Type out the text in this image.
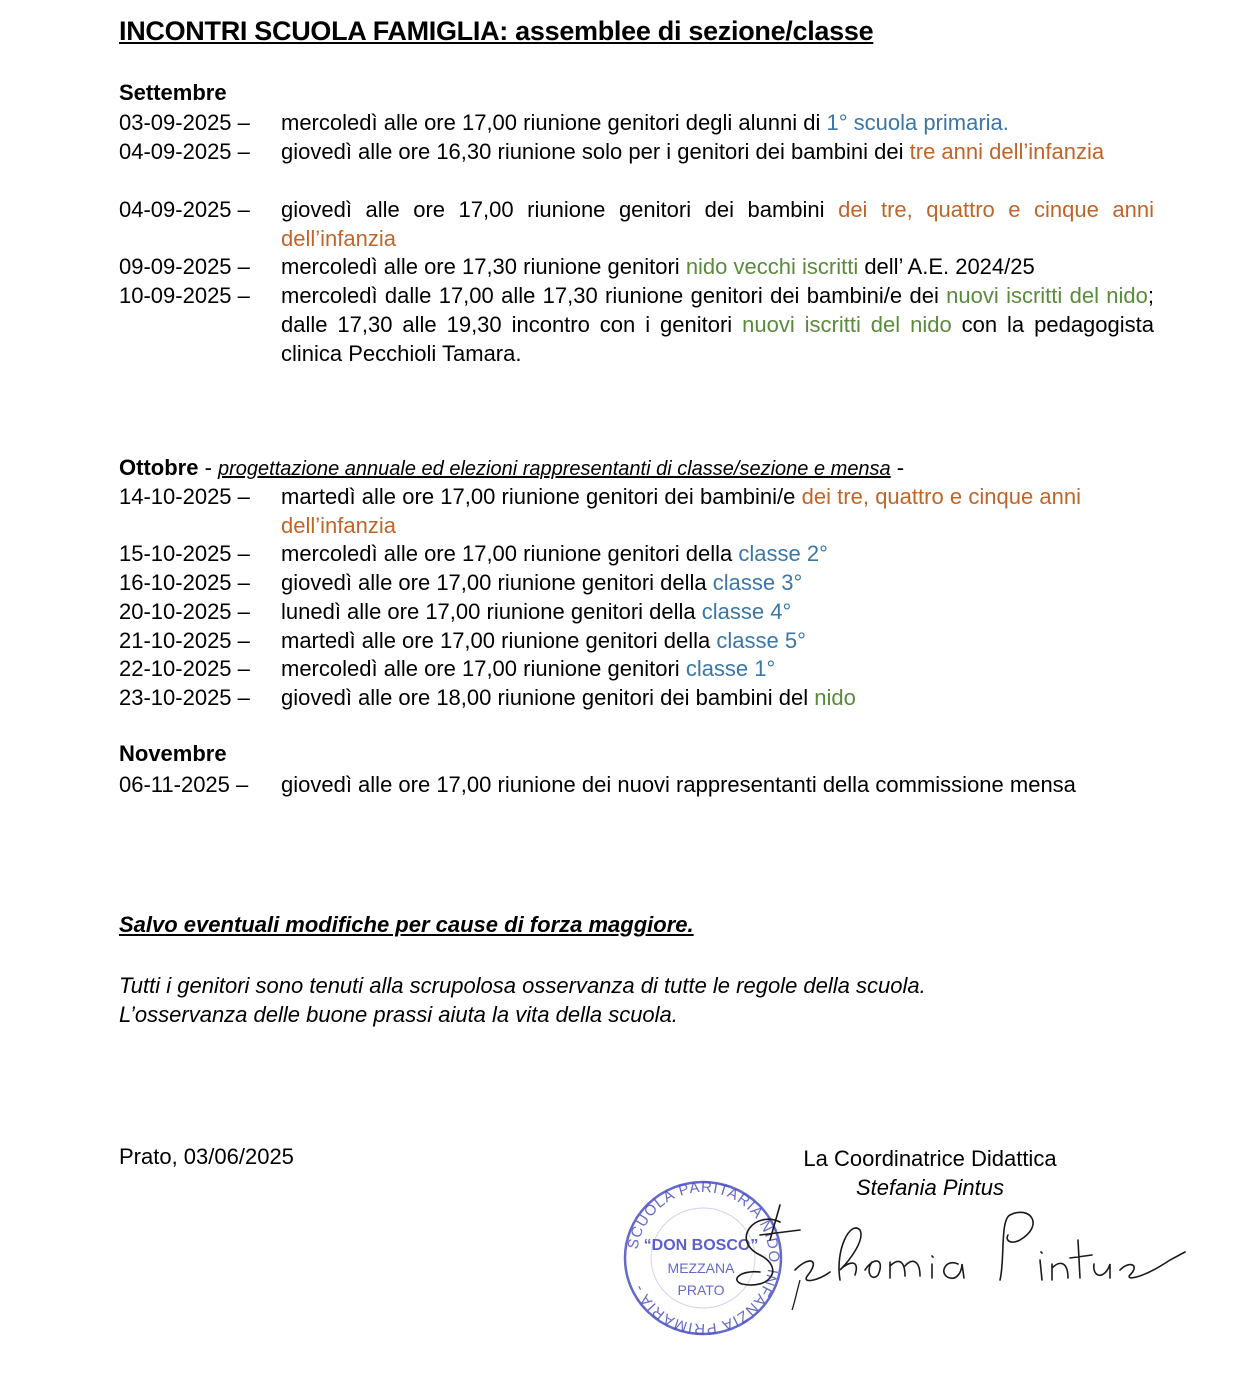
INCONTRI SCUOLA FAMIGLIA: assemblee di sezione/classe
Settembre
03-09-2025 – mercoledì alle ore 17,00 riunione genitori degli alunni di 1° scuola primaria.
04-09-2025 – giovedì alle ore 16,30 riunione solo per i genitori dei bambini dei tre anni dell’infanzia
04-09-2025 – giovedì alle ore 17,00 riunione genitori dei bambini dei tre, quattro e cinque anni dell’infanzia
09-09-2025 – mercoledì alle ore 17,30 riunione genitori nido vecchi iscritti dell’ A.E. 2024/25
10-09-2025 – mercoledì dalle 17,00 alle 17,30 riunione genitori dei bambini/e dei nuovi iscritti del nido; dalle 17,30 alle 19,30 incontro con i genitori nuovi iscritti del nido con la pedagogista clinica Pecchioli Tamara.
Ottobre - progettazione annuale ed elezioni rappresentanti di classe/sezione e mensa -
14-10-2025 – martedì alle ore 17,00 riunione genitori dei bambini/e dei tre, quattro e cinque anni dell’infanzia
15-10-2025 – mercoledì alle ore 17,00 riunione genitori della classe 2°
16-10-2025 – giovedì alle ore 17,00 riunione genitori della classe 3°
20-10-2025 – lunedì alle ore 17,00 riunione genitori della classe 4°
21-10-2025 – martedì alle ore 17,00 riunione genitori della classe 5°
22-10-2025 – mercoledì alle ore 17,00 riunione genitori classe 1°
23-10-2025 – giovedì alle ore 18,00 riunione genitori dei bambini del nido
Novembre
06-11-2025 – giovedì alle ore 17,00 riunione dei nuovi rappresentanti della commissione mensa
Salvo eventuali modifiche per cause di forza maggiore.
Tutti i genitori sono tenuti alla scrupolosa osservanza di tutte le regole della scuola.
L’osservanza delle buone prassi aiuta la vita della scuola.
Prato, 03/06/2025	La Coordinatrice Didattica
Stefania Pintus
SCUOLA PARITARIA NIDO INFANZIA PRIMARIA -
“DON BOSCO”
MEZZANA
PRATO
